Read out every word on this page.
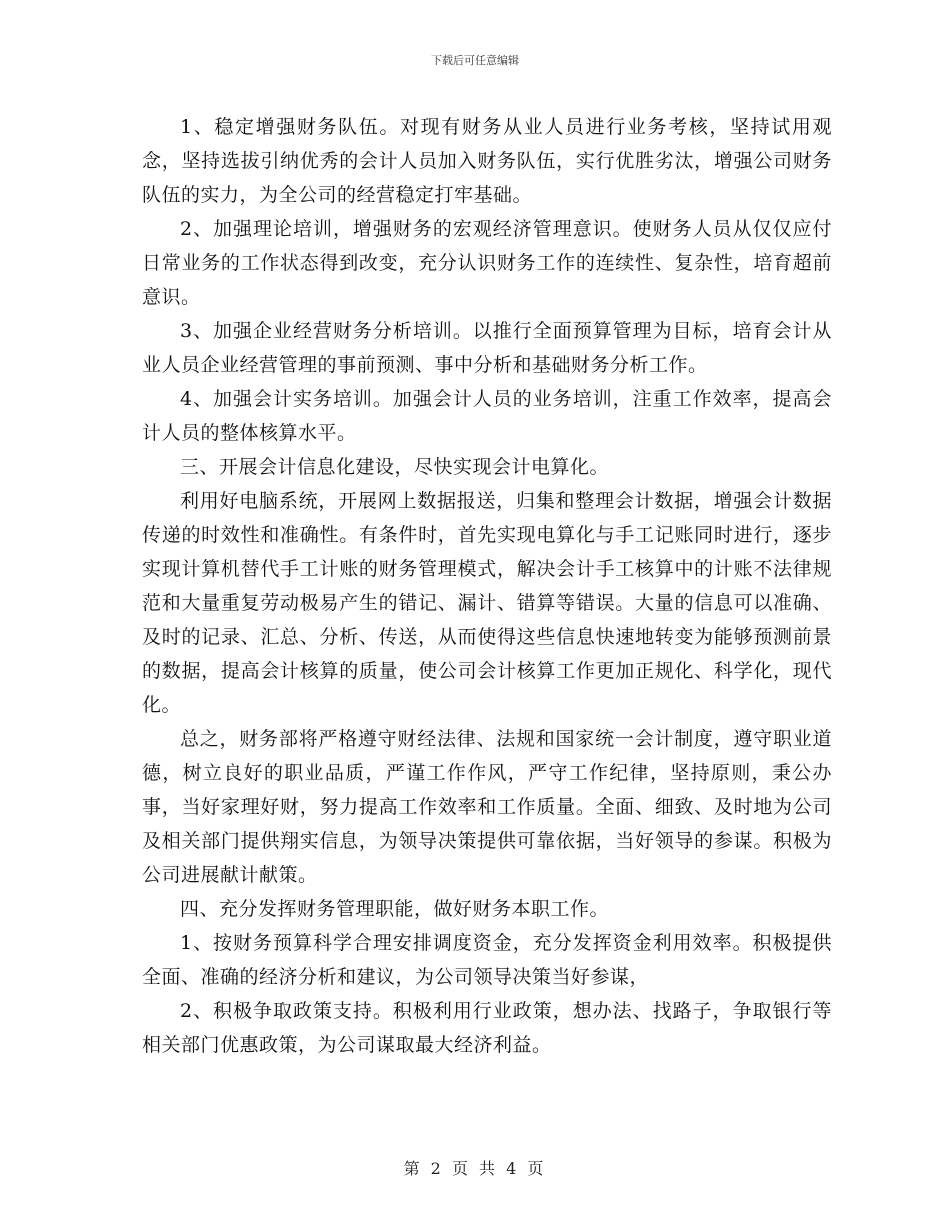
下载后可任意编辑

1、稳定增强财务队伍。对现有财务从业人员进行业务考核，坚持试用观念，坚持选拔引纳优秀的会计人员加入财务队伍，实行优胜劣汰，增强公司财务队伍的实力，为全公司的经营稳定打牢基础。

2、加强理论培训，增强财务的宏观经济管理意识。使财务人员从仅仅应付日常业务的工作状态得到改变，充分认识财务工作的连续性、复杂性，培育超前意识。

3、加强企业经营财务分析培训。以推行全面预算管理为目标，培育会计从业人员企业经营管理的事前预测、事中分析和基础财务分析工作。

4、加强会计实务培训。加强会计人员的业务培训，注重工作效率，提高会计人员的整体核算水平。

三、开展会计信息化建设，尽快实现会计电算化。

利用好电脑系统，开展网上数据报送，归集和整理会计数据，增强会计数据传递的时效性和准确性。有条件时，首先实现电算化与手工记账同时进行，逐步实现计算机替代手工计账的财务管理模式，解决会计手工核算中的计账不法律规范和大量重复劳动极易产生的错记、漏计、错算等错误。大量的信息可以准确、及时的记录、汇总、分析、传送，从而使得这些信息快速地转变为能够预测前景的数据，提高会计核算的质量，使公司会计核算工作更加正规化、科学化，现代化。

总之，财务部将严格遵守财经法律、法规和国家统一会计制度，遵守职业道德，树立良好的职业品质，严谨工作作风，严守工作纪律，坚持原则，秉公办事，当好家理好财，努力提高工作效率和工作质量。全面、细致、及时地为公司及相关部门提供翔实信息，为领导决策提供可靠依据，当好领导的参谋。积极为公司进展献计献策。

四、充分发挥财务管理职能，做好财务本职工作。

1、按财务预算科学合理安排调度资金，充分发挥资金利用效率。积极提供全面、准确的经济分析和建议，为公司领导决策当好参谋，

2、积极争取政策支持。积极利用行业政策，想办法、找路子，争取银行等相关部门优惠政策，为公司谋取最大经济利益。

第 2 页 共 4 页
